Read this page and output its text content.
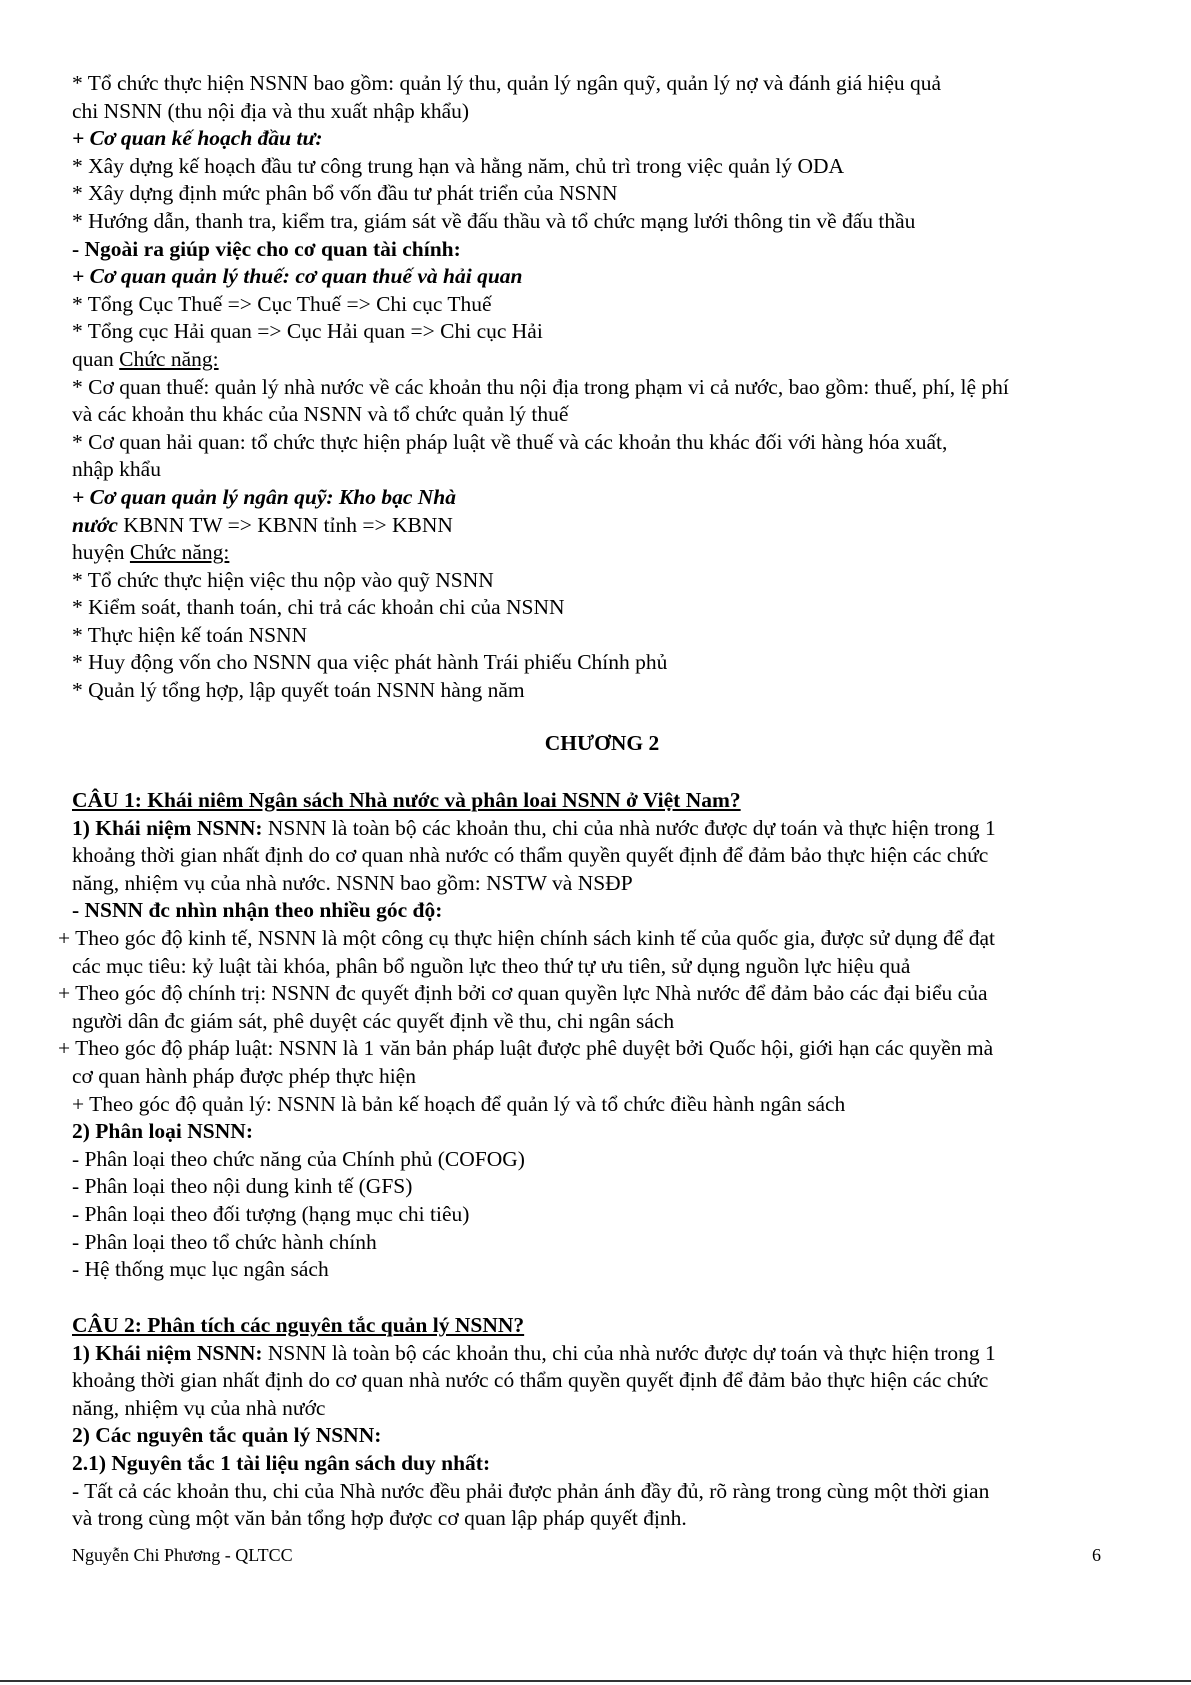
* Tổ chức thực hiện NSNN bao gồm: quản lý thu, quản lý ngân quỹ, quản lý nợ và đánh giá hiệu quả
chi NSNN (thu nội địa và thu xuất nhập khẩu)
+ Cơ quan kế hoạch đầu tư:
* Xây dựng kế hoạch đầu tư công trung hạn và hằng năm, chủ trì trong việc quản lý ODA
* Xây dựng định mức phân bổ vốn đầu tư phát triển của NSNN
* Hướng dẫn, thanh tra, kiểm tra, giám sát về đấu thầu và tổ chức mạng lưới thông tin về đấu thầu
- Ngoài ra giúp việc cho cơ quan tài chính:
+ Cơ quan quản lý thuế: cơ quan thuế và hải quan
* Tổng Cục Thuế => Cục Thuế => Chi cục Thuế
* Tổng cục Hải quan => Cục Hải quan => Chi cục Hải
quan Chức năng:
* Cơ quan thuế: quản lý nhà nước về các khoản thu nội địa trong phạm vi cả nước, bao gồm: thuế, phí, lệ phí
và các khoản thu khác của NSNN và tổ chức quản lý thuế
* Cơ quan hải quan: tổ chức thực hiện pháp luật về thuế và các khoản thu khác đối với hàng hóa xuất,
nhập khẩu
+ Cơ quan quản lý ngân quỹ: Kho bạc Nhà
nước KBNN TW => KBNN tỉnh => KBNN
huyện Chức năng:
* Tổ chức thực hiện việc thu nộp vào quỹ NSNN
* Kiểm soát, thanh toán, chi trả các khoản chi của NSNN
* Thực hiện kế toán NSNN
* Huy động vốn cho NSNN qua việc phát hành Trái phiếu Chính phủ
* Quản lý tổng hợp, lập quyết toán NSNN hàng năm
CHƯƠNG 2
CÂU 1: Khái niêm Ngân sách Nhà nước và phân loai NSNN ở Việt Nam?
1) Khái niệm NSNN: NSNN là toàn bộ các khoản thu, chi của nhà nước được dự toán và thực hiện trong 1
khoảng thời gian nhất định do cơ quan nhà nước có thẩm quyền quyết định để đảm bảo thực hiện các chức
năng, nhiệm vụ của nhà nước. NSNN bao gồm: NSTW và NSĐP
- NSNN đc nhìn nhận theo nhiều góc độ:
+ Theo góc độ kinh tế, NSNN là một công cụ thực hiện chính sách kinh tế của quốc gia, được sử dụng để đạt
các mục tiêu: kỷ luật tài khóa, phân bổ nguồn lực theo thứ tự ưu tiên, sử dụng nguồn lực hiệu quả
+ Theo góc độ chính trị: NSNN đc quyết định bởi cơ quan quyền lực Nhà nước để đảm bảo các đại biểu của
người dân đc giám sát, phê duyệt các quyết định về thu, chi ngân sách
+ Theo góc độ pháp luật: NSNN là 1 văn bản pháp luật được phê duyệt bởi Quốc hội, giới hạn các quyền mà
cơ quan hành pháp được phép thực hiện
+ Theo góc độ quản lý: NSNN là bản kế hoạch để quản lý và tổ chức điều hành ngân sách
2) Phân loại NSNN:
- Phân loại theo chức năng của Chính phủ (COFOG)
- Phân loại theo nội dung kinh tế (GFS)
- Phân loại theo đối tượng (hạng mục chi tiêu)
- Phân loại theo tổ chức hành chính
- Hệ thống mục lục ngân sách
CÂU 2: Phân tích các nguyên tắc quản lý NSNN?
1) Khái niệm NSNN: NSNN là toàn bộ các khoản thu, chi của nhà nước được dự toán và thực hiện trong 1
khoảng thời gian nhất định do cơ quan nhà nước có thẩm quyền quyết định để đảm bảo thực hiện các chức
năng, nhiệm vụ của nhà nước
2) Các nguyên tắc quản lý NSNN:
2.1) Nguyên tắc 1 tài liệu ngân sách duy nhất:
- Tất cả các khoản thu, chi của Nhà nước đều phải được phản ánh đầy đủ, rõ ràng trong cùng một thời gian
và trong cùng một văn bản tổng hợp được cơ quan lập pháp quyết định.
Nguyễn Chi Phương - QLTCC	6
